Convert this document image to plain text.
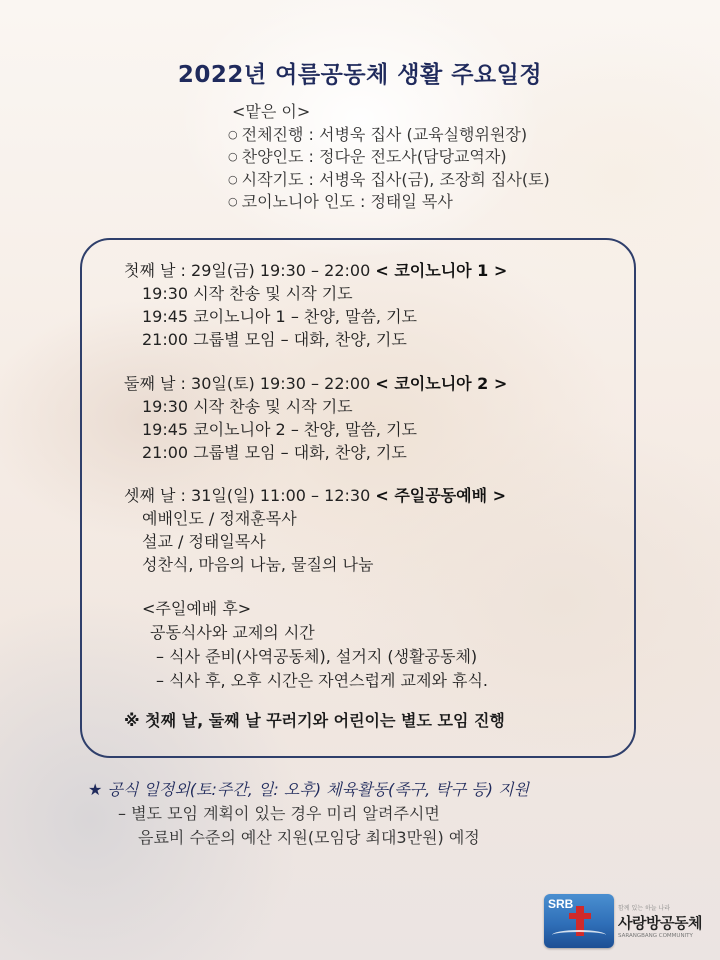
2022년 여름공동체 생활 주요일정
<맡은 이>
○ 전체진행 : 서병욱 집사 (교육실행위원장)
○ 찬양인도 : 정다운 전도사(담당교역자)
○ 시작기도 : 서병욱 집사(금), 조장희 집사(토)
○ 코이노니아 인도 : 정태일 목사
첫째 날 : 29일(금) 19:30 – 22:00 < 코이노니아 1 >
19:30 시작 찬송 및 시작 기도
19:45 코이노니아 1 – 찬양, 말씀, 기도
21:00 그룹별 모임 – 대화, 찬양, 기도
둘째 날 : 30일(토) 19:30 – 22:00 < 코이노니아 2 >
19:30 시작 찬송 및 시작 기도
19:45 코이노니아 2 – 찬양, 말씀, 기도
21:00 그룹별 모임 – 대화, 찬양, 기도
셋째 날 : 31일(일) 11:00 – 12:30 < 주일공동예배 >
예배인도 / 정재훈목사
설교 / 정태일목사
성찬식, 마음의 나눔, 물질의 나눔
<주일예배 후>
공동식사와 교제의 시간
– 식사 준비(사역공동체), 설거지 (생활공동체)
– 식사 후, 오후 시간은 자연스럽게 교제와 휴식.
※ 첫째 날, 둘째 날 꾸러기와 어린이는 별도 모임 진행
★ 공식 일정외(토:주간, 일: 오후) 체육활동(족구, 탁구 등) 지원
– 별도 모임 계획이 있는 경우 미리 알려주시면
음료비 수준의 예산 지원(모임당 최대3만원) 예정
SRB	함께 있는 하늘 나라
사랑방공동체
SARANGBANG COMMUNITY
